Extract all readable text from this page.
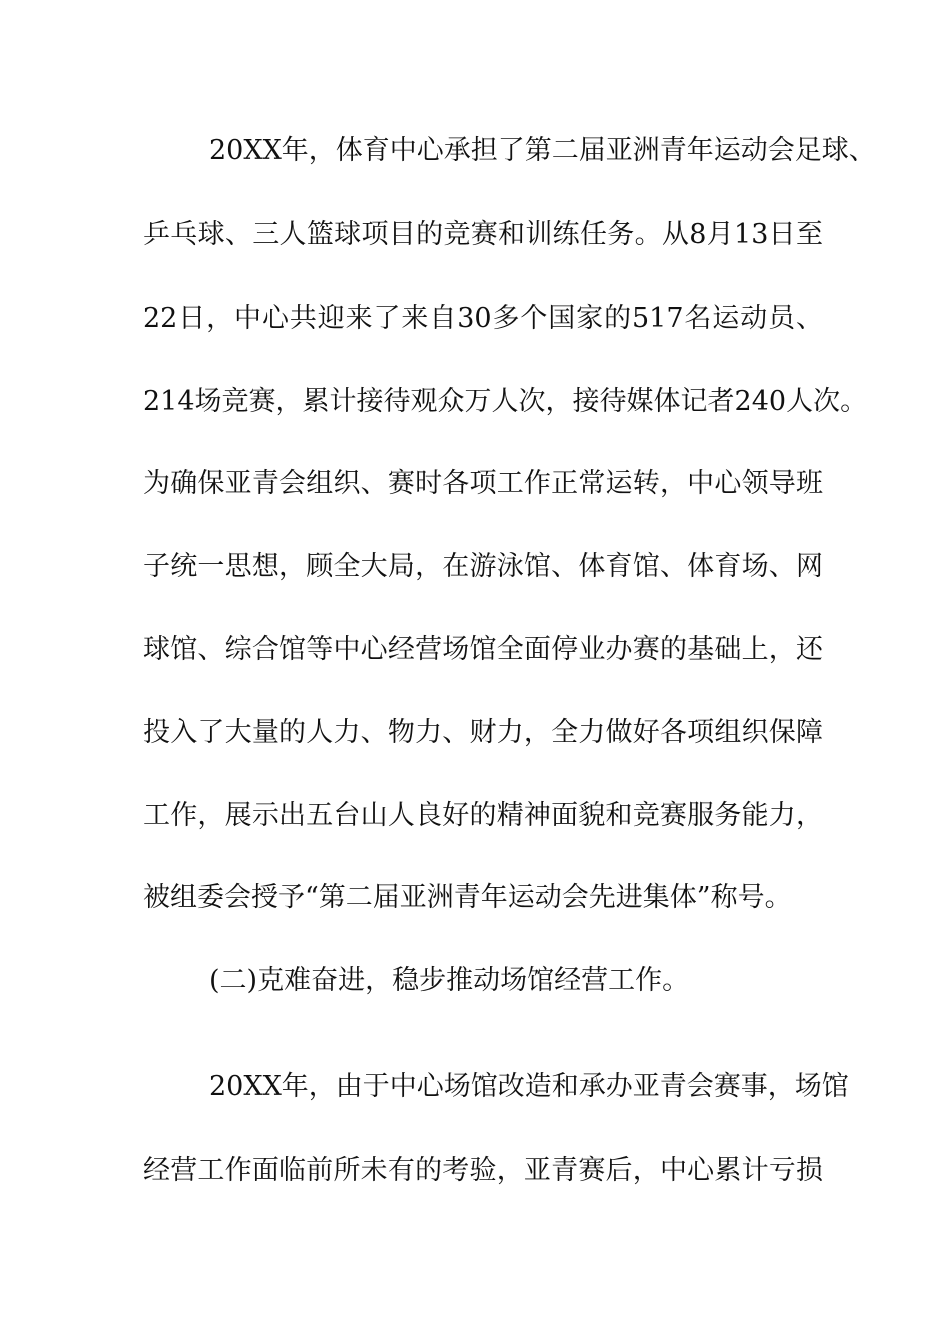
20XX年，体育中心承担了第二届亚洲青年运动会足球、
乒乓球、三人篮球项目的竞赛和训练任务。从8月13日至
22日，中心共迎来了来自30多个国家的517名运动员、
214场竞赛，累计接待观众万人次，接待媒体记者240人次。
为确保亚青会组织、赛时各项工作正常运转，中心领导班
子统一思想，顾全大局，在游泳馆、体育馆、体育场、网
球馆、综合馆等中心经营场馆全面停业办赛的基础上，还
投入了大量的人力、物力、财力，全力做好各项组织保障
工作，展示出五台山人良好的精神面貌和竞赛服务能力，
被组委会授予“第二届亚洲青年运动会先进集体”称号。
(二)克难奋进，稳步推动场馆经营工作。
20XX年，由于中心场馆改造和承办亚青会赛事，场馆
经营工作面临前所未有的考验，亚青赛后，中心累计亏损
